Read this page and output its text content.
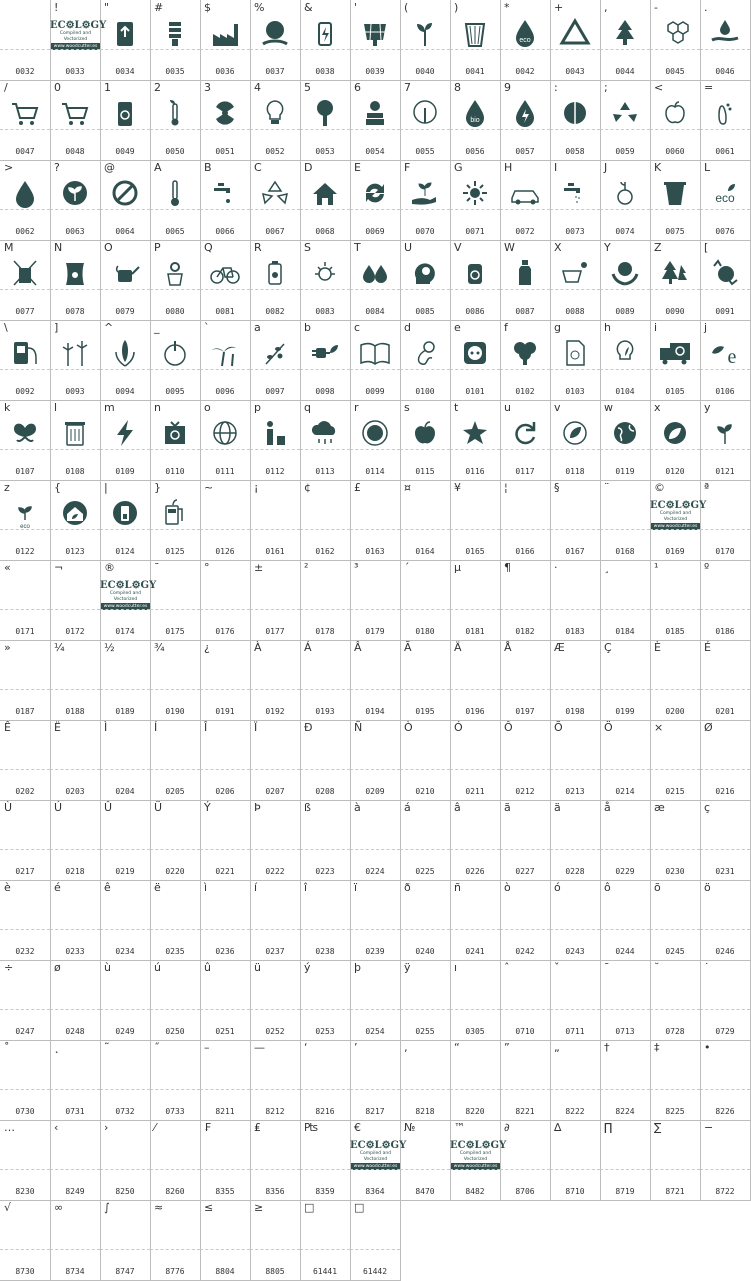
0032
!
EC⚙L⚙GY
Compiled and Vectorized
www.woodcutter.es
0033
"
0034
#
0035
$
0036
%
0037
&
0038
'
0039
(
0040
)
0041
*
eco
0042
+
0043
,
0044
-
0045
.
0046
/
0047
0
0048
1
0049
2
0050
3
0051
4
0052
5
0053
6
0054
7
0055
8
bio
0056
9
0057
:
0058
;
0059
<
0060
=
0061
>
0062
?
0063
@
0064
A
0065
B
0066
C
0067
D
0068
E
0069
F
0070
G
0071
H
0072
I
0073
J
0074
K
0075
L
eco
0076
M
0077
N
0078
O
0079
P
0080
Q
0081
R
0082
S
0083
T
0084
U
0085
V
0086
W
0087
X
0088
Y
0089
Z
0090
[
0091
\
0092
]
0093
^
0094
_
0095
`
0096
a
0097
b
0098
c
0099
d
0100
e
0101
f
0102
g
0103
h
0104
i
0105
j
e
0106
k
0107
l
0108
m
0109
n
0110
o
0111
p
0112
q
0113
r
0114
s
0115
t
0116
u
0117
v
0118
w
0119
x
0120
y
0121
z
eco
0122
{
0123
|
0124
}
0125
~
0126
¡
0161
¢
0162
£
0163
¤
0164
¥
0165
¦
0166
§
0167
¨
0168
©
EC⚙L⚙GY
Compiled and Vectorized
www.woodcutter.es
0169
ª
0170
«
0171
¬
0172
®
EC⚙L⚙GY
Compiled and Vectorized
www.woodcutter.es
0174
¯
0175
°
0176
±
0177
²
0178
³
0179
´
0180
µ
0181
¶
0182
·
0183
¸
0184
¹
0185
º
0186
»
0187
¼
0188
½
0189
¾
0190
¿
0191
À
0192
Á
0193
Â
0194
Ã
0195
Ä
0196
Å
0197
Æ
0198
Ç
0199
È
0200
É
0201
Ê
0202
Ë
0203
Ì
0204
Í
0205
Î
0206
Ï
0207
Ð
0208
Ñ
0209
Ò
0210
Ó
0211
Ô
0212
Õ
0213
Ö
0214
×
0215
Ø
0216
Ù
0217
Ú
0218
Û
0219
Ü
0220
Ý
0221
Þ
0222
ß
0223
à
0224
á
0225
â
0226
ã
0227
ä
0228
å
0229
æ
0230
ç
0231
è
0232
é
0233
ê
0234
ë
0235
ì
0236
í
0237
î
0238
ï
0239
ð
0240
ñ
0241
ò
0242
ó
0243
ô
0244
õ
0245
ö
0246
÷
0247
ø
0248
ù
0249
ú
0250
û
0251
ü
0252
ý
0253
þ
0254
ÿ
0255
ı
0305
ˆ
0710
ˇ
0711
ˉ
0713
˘
0728
˙
0729
˚
0730
˛
0731
˜
0732
˝
0733
–
8211
—
8212
‘
8216
’
8217
‚
8218
“
8220
”
8221
„
8222
†
8224
‡
8225
•
8226
…
8230
‹
8249
›
8250
⁄
8260
₣
8355
₤
8356
₧
8359
€
EC⚙L⚙GY
Compiled and Vectorized
www.woodcutter.es
8364
№
8470
™
EC⚙L⚙GY
Compiled and Vectorized
www.woodcutter.es
8482
∂
8706
∆
8710
∏
8719
∑
8721
−
8722
√
8730
∞
8734
∫
8747
≈
8776
≤
8804
≥
8805
□
61441
□
61442
